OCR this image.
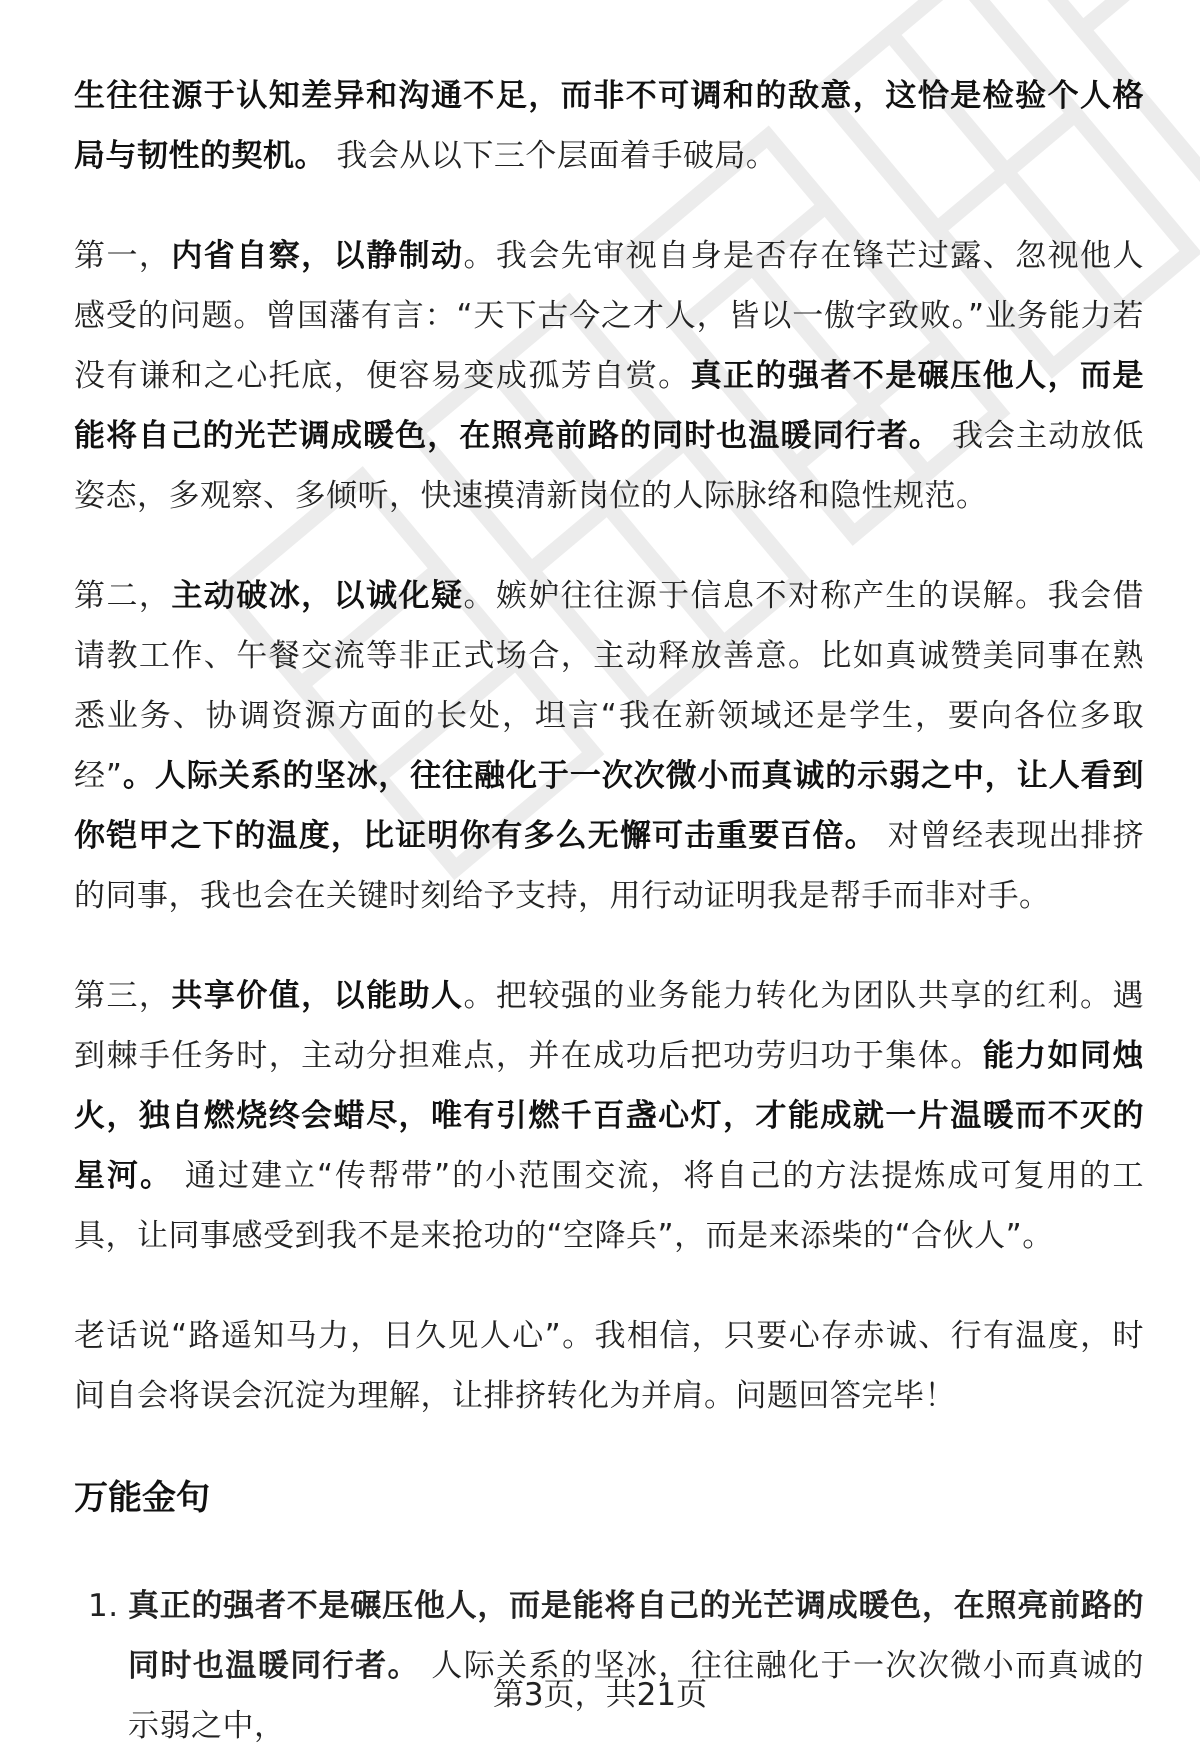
生往往源于认知差异和沟通不足，而非不可调和的敌意，这恰是检验个人格局与韧性的契机。 我会从以下三个层面着手破局。

第一，内省自察，以静制动。我会先审视自身是否存在锋芒过露、忽视他人感受的问题。曾国藩有言：“天下古今之才人，皆以一傲字致败。”业务能力若没有谦和之心托底，便容易变成孤芳自赏。真正的强者不是碾压他人，而是能将自己的光芒调成暖色，在照亮前路的同时也温暖同行者。 我会主动放低姿态，多观察、多倾听，快速摸清新岗位的人际脉络和隐性规范。

第二，主动破冰，以诚化疑。嫉妒往往源于信息不对称产生的误解。我会借请教工作、午餐交流等非正式场合，主动释放善意。比如真诚赞美同事在熟悉业务、协调资源方面的长处，坦言“我在新领域还是学生，要向各位多取经”。人际关系的坚冰，往往融化于一次次微小而真诚的示弱之中，让人看到你铠甲之下的温度，比证明你有多么无懈可击重要百倍。 对曾经表现出排挤的同事，我也会在关键时刻给予支持，用行动证明我是帮手而非对手。

第三，共享价值，以能助人。把较强的业务能力转化为团队共享的红利。遇到棘手任务时，主动分担难点，并在成功后把功劳归功于集体。能力如同烛火，独自燃烧终会蜡尽，唯有引燃千百盏心灯，才能成就一片温暖而不灭的星河。 通过建立“传帮带”的小范围交流，将自己的方法提炼成可复用的工具，让同事感受到我不是来抢功的“空降兵”，而是来添柴的“合伙人”。

老话说“路遥知马力，日久见人心”。我相信，只要心存赤诚、行有温度，时间自会将误会沉淀为理解，让排挤转化为并肩。问题回答完毕！

万能金句
1. 真正的强者不是碾压他人，而是能将自己的光芒调成暖色，在照亮前路的同时也温暖同行者。 人际关系的坚冰，往往融化于一次次微小而真诚的示弱之中，
第3页，共21页
